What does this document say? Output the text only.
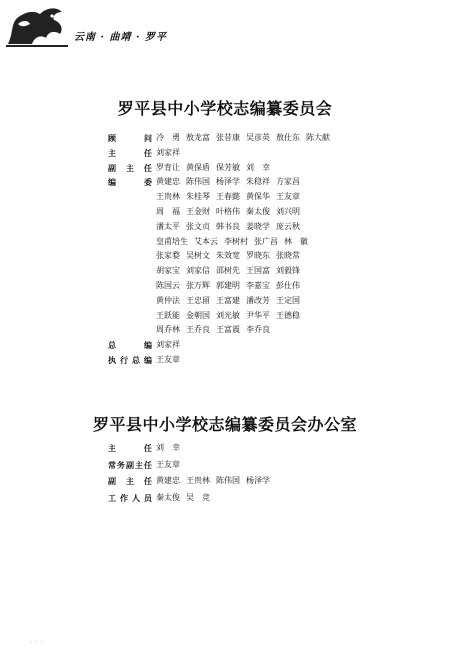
云南 · 曲靖 · 罗平
罗平县中小学校志编纂委员会
顾　问 冷　勇 敖龙富 张昔康 吴彦英 敖仕东 陈大献
主　任 刘家祥
副主任 罗育让 黄保盾 保芳敏 刘　幸
编　委 黄建忠 陈伟国 杨泽学 朱稳祥 方家昌
王贵林 朱桂琴 王春懿 黄保华 王友章
周　福 王金财 叶格伟 秦太俊 刘兴明
潘太平 张文贞 韩书良 姜晓学 庞云秋
皇甫培生 艾本云 李树村 张广昌 林　徽
张家婺 吴树文 朱效宽 罗晓东 张晓常
胡家宝 刘家信 邵树先 王国富 刘毅锋
陈国云 张万辉 郭建明 李嘉宝 彭仕伟
黄仲法 王忠留 王富建 潘改芳 王定国
王跃能 金朝国 刘光敏 尹华平 王德稳
周乔林 王乔良 王富震 李乔良
总　编 刘家祥
执行总编 王友章
罗平县中小学校志编纂委员会办公室
主　任 刘　幸
常务副主任 王友章
副主任 黄建忠 王贵林 陈伟国 杨泽学
工作人员 秦太俊 吴　竞
· · ·
